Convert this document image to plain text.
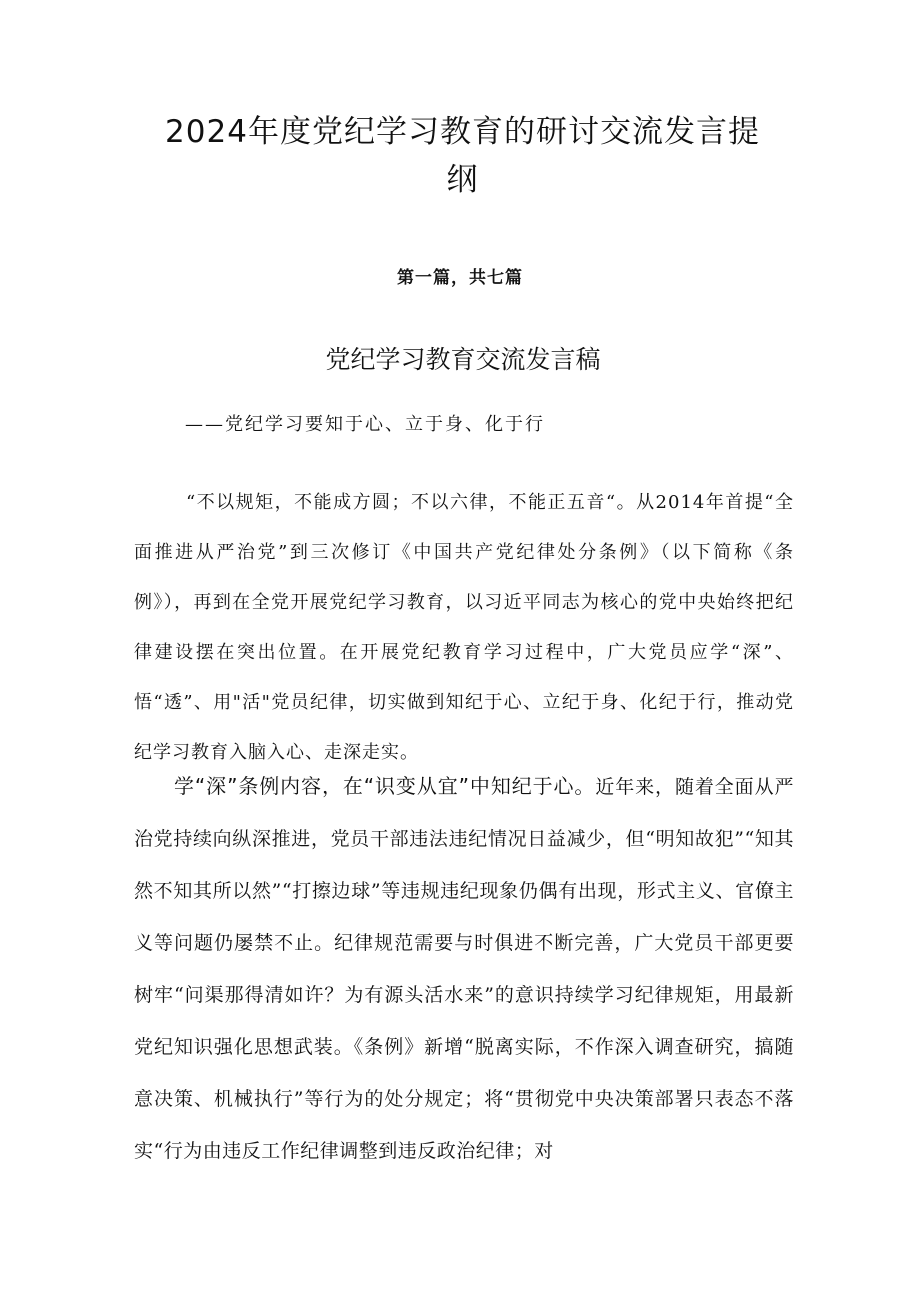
2024年度党纪学习教育的研讨交流发言提纲
第一篇，共七篇
党纪学习教育交流发言稿
——党纪学习要知于心、立于身、化于行

“不以规矩，不能成方圆；不以六律，不能正五音“。从2014年首提“全面推进从严治党”到三次修订《中国共产党纪律处分条例》（以下简称《条例》），再到在全党开展党纪学习教育，以习近平同志为核心的党中央始终把纪律建设摆在突出位置。在开展党纪教育学习过程中，广大党员应学“深”、悟“透”、用"活"党员纪律，切实做到知纪于心、立纪于身、化纪于行，推动党纪学习教育入脑入心、走深走实。

学“深”条例内容，在“识变从宜”中知纪于心。近年来，随着全面从严治党持续向纵深推进，党员干部违法违纪情况日益减少，但“明知故犯”“知其然不知其所以然”“打擦边球”等违规违纪现象仍偶有出现，形式主义、官僚主义等问题仍屡禁不止。纪律规范需要与时俱进不断完善，广大党员干部更要树牢“问渠那得清如许？为有源头活水来”的意识持续学习纪律规矩，用最新党纪知识强化思想武装。《条例》新增“脱离实际，不作深入调查研究，搞随意决策、机械执行”等行为的处分规定；将“贯彻党中央决策部署只表态不落实“行为由违反工作纪律调整到违反政治纪律；对
